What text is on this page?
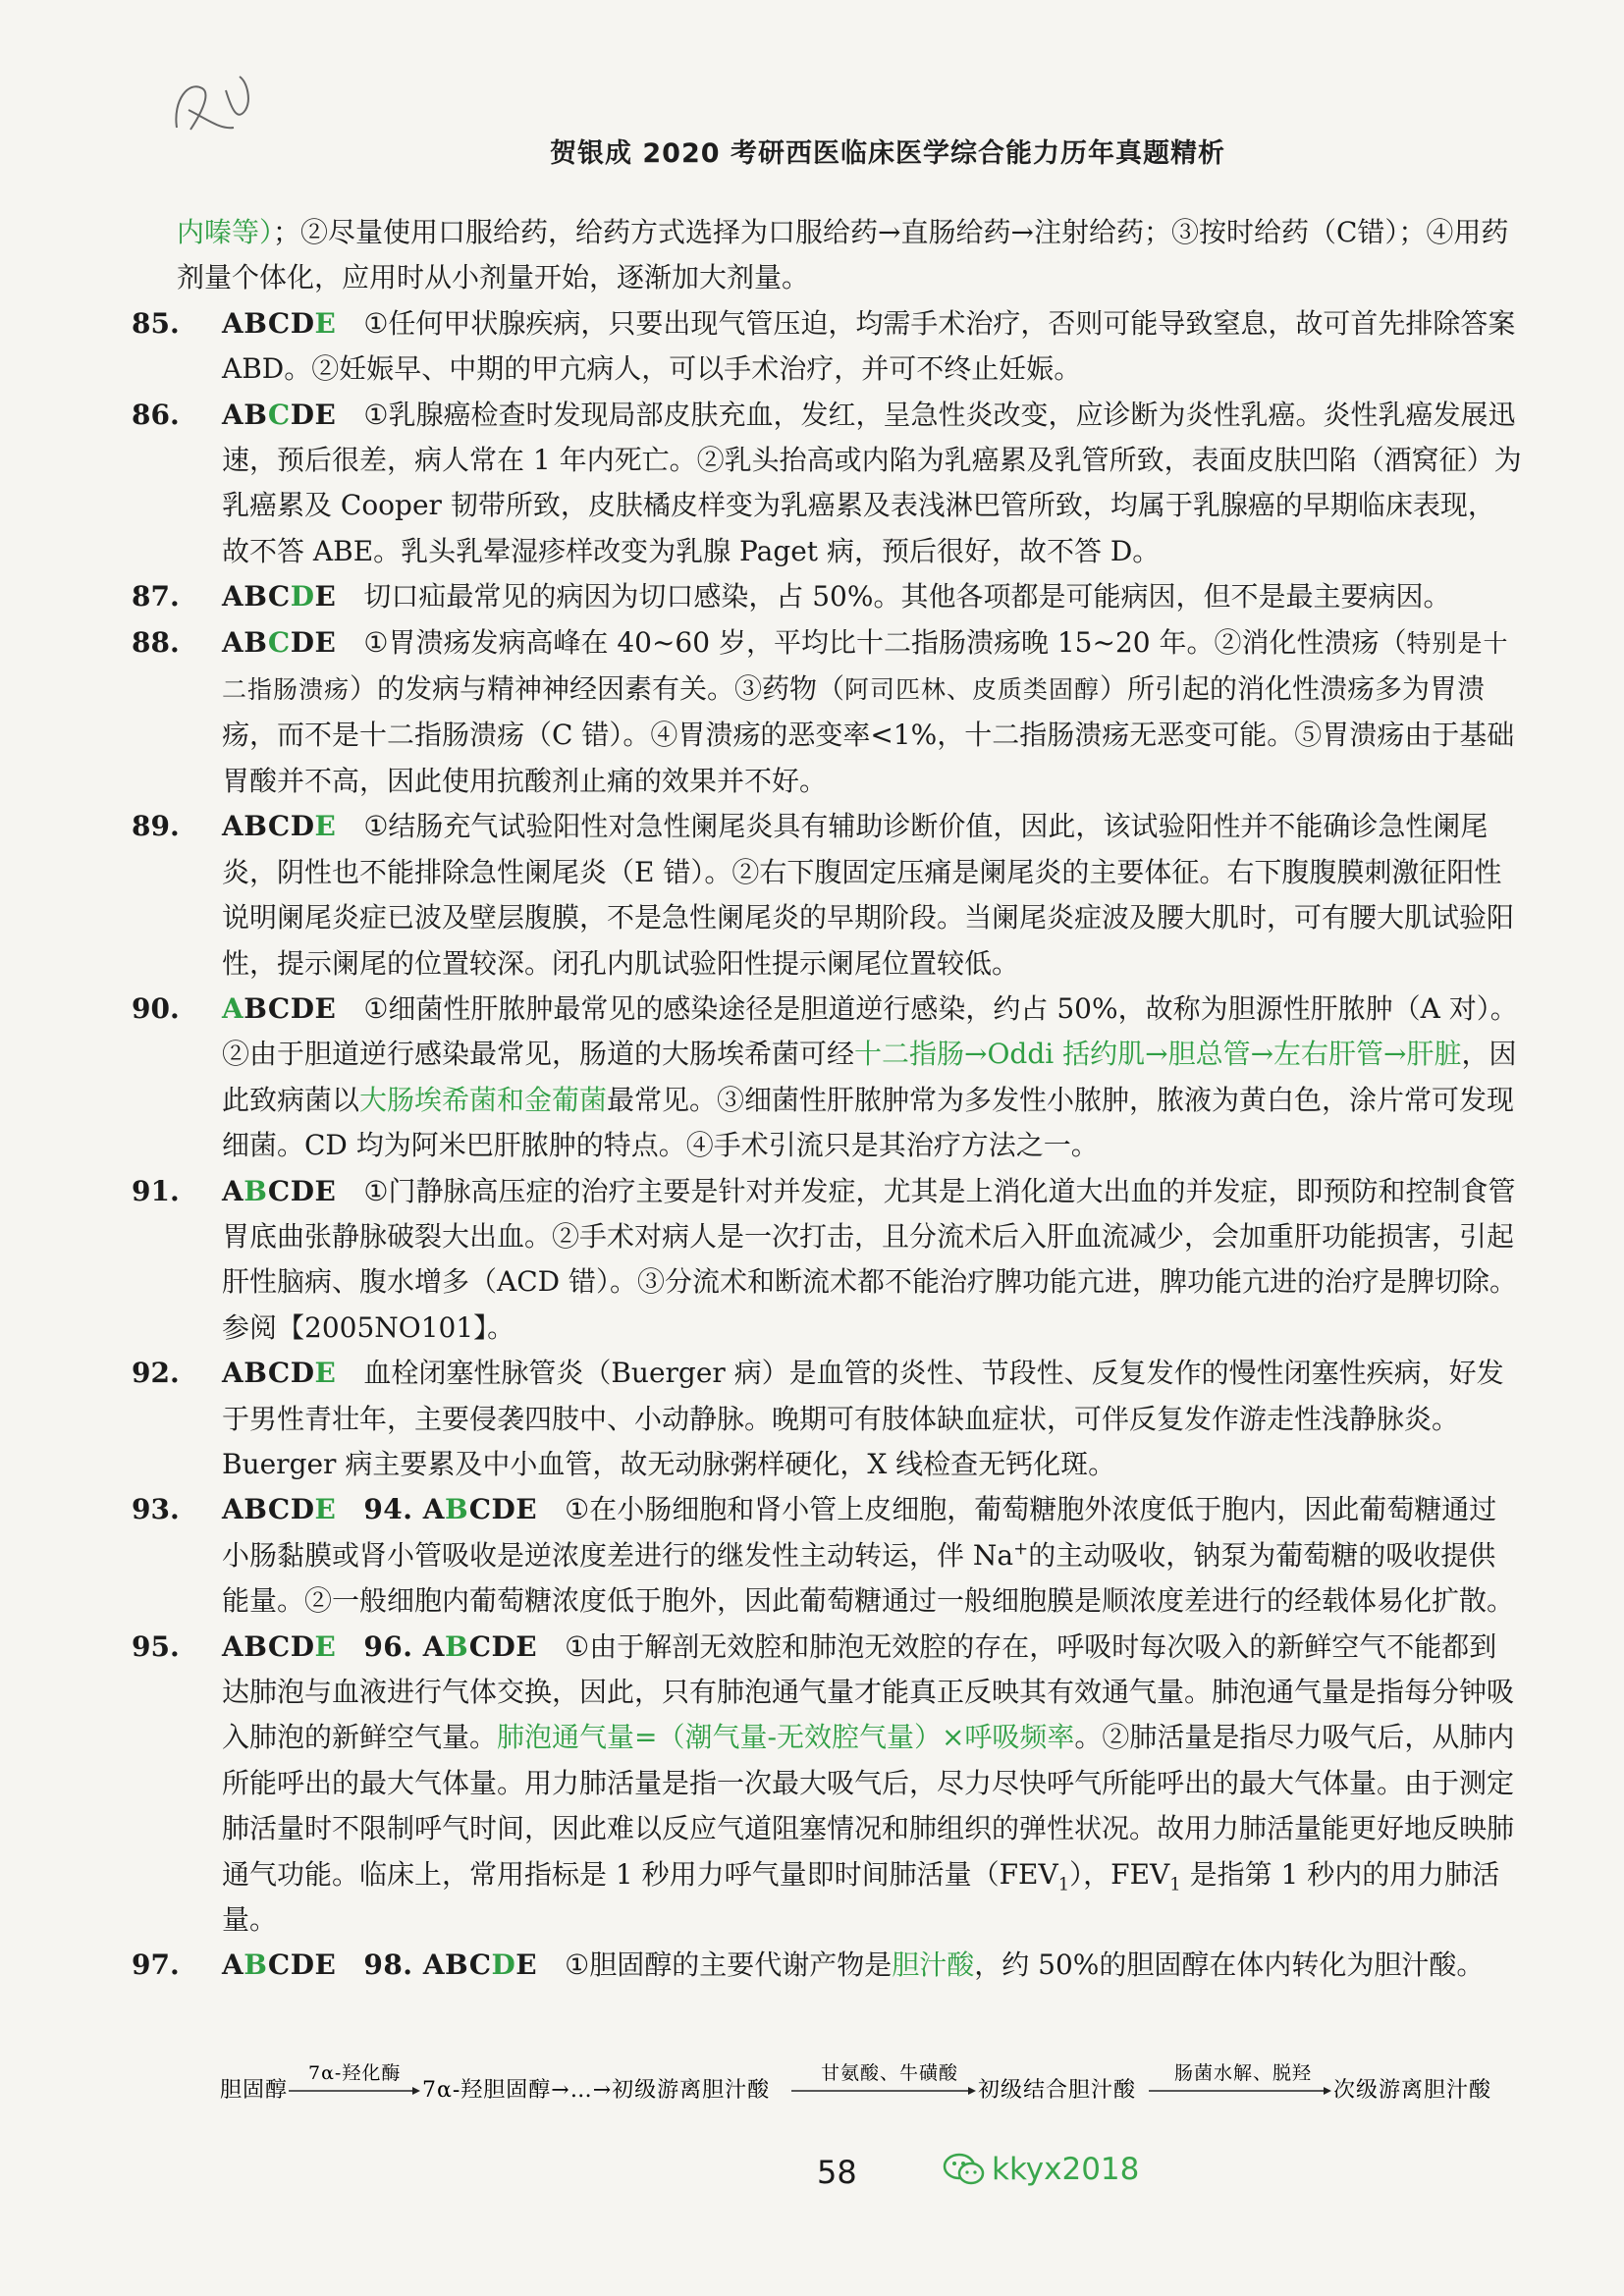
贺银成 2020 考研西医临床医学综合能力历年真题精析

内嗪等）；②尽量使用口服给药，给药方式选择为口服给药→直肠给药→注射给药；③按时给药（C错）；④用药剂量个体化，应用时从小剂量开始，逐渐加大剂量。

85. ABCDE ①任何甲状腺疾病，只要出现气管压迫，均需手术治疗，否则可能导致窒息，故可首先排除答案 ABD。②妊娠早、中期的甲亢病人，可以手术治疗，并可不终止妊娠。

86. ABCDE ①乳腺癌检查时发现局部皮肤充血，发红，呈急性炎改变，应诊断为炎性乳癌。炎性乳癌发展迅速，预后很差，病人常在 1 年内死亡。②乳头抬高或内陷为乳癌累及乳管所致，表面皮肤凹陷（酒窝征）为乳癌累及 Cooper 韧带所致，皮肤橘皮样变为乳癌累及表浅淋巴管所致，均属于乳腺癌的早期临床表现，故不答 ABE。乳头乳晕湿疹样改变为乳腺 Paget 病，预后很好，故不答 D。

87. ABCDE 切口疝最常见的病因为切口感染，占 50%。其他各项都是可能病因，但不是最主要病因。

88. ABCDE ①胃溃疡发病高峰在 40~60 岁，平均比十二指肠溃疡晚 15~20 年。②消化性溃疡（特别是十二指肠溃疡）的发病与精神神经因素有关。③药物（阿司匹林、皮质类固醇）所引起的消化性溃疡多为胃溃疡，而不是十二指肠溃疡（C 错）。④胃溃疡的恶变率<1%，十二指肠溃疡无恶变可能。⑤胃溃疡由于基础胃酸并不高，因此使用抗酸剂止痛的效果并不好。

89. ABCDE ①结肠充气试验阳性对急性阑尾炎具有辅助诊断价值，因此，该试验阳性并不能确诊急性阑尾炎，阴性也不能排除急性阑尾炎（E 错）。②右下腹固定压痛是阑尾炎的主要体征。右下腹腹膜刺激征阳性说明阑尾炎症已波及壁层腹膜，不是急性阑尾炎的早期阶段。当阑尾炎症波及腰大肌时，可有腰大肌试验阳性，提示阑尾的位置较深。闭孔内肌试验阳性提示阑尾位置较低。

90. ABCDE ①细菌性肝脓肿最常见的感染途径是胆道逆行感染，约占 50%，故称为胆源性肝脓肿（A 对）。②由于胆道逆行感染最常见，肠道的大肠埃希菌可经十二指肠→Oddi 括约肌→胆总管→左右肝管→肝脏，因此致病菌以大肠埃希菌和金葡菌最常见。③细菌性肝脓肿常为多发性小脓肿，脓液为黄白色，涂片常可发现细菌。CD 均为阿米巴肝脓肿的特点。④手术引流只是其治疗方法之一。

91. ABCDE ①门静脉高压症的治疗主要是针对并发症，尤其是上消化道大出血的并发症，即预防和控制食管胃底曲张静脉破裂大出血。②手术对病人是一次打击，且分流术后入肝血流减少，会加重肝功能损害，引起肝性脑病、腹水增多（ACD 错）。③分流术和断流术都不能治疗脾功能亢进，脾功能亢进的治疗是脾切除。参阅【2005NO101】。

92. ABCDE 血栓闭塞性脉管炎（Buerger 病）是血管的炎性、节段性、反复发作的慢性闭塞性疾病，好发于男性青壮年，主要侵袭四肢中、小动静脉。晚期可有肢体缺血症状，可伴反复发作游走性浅静脉炎。Buerger 病主要累及中小血管，故无动脉粥样硬化，X 线检查无钙化斑。

93. ABCDE 94. ABCDE ①在小肠细胞和肾小管上皮细胞，葡萄糖胞外浓度低于胞内，因此葡萄糖通过小肠黏膜或肾小管吸收是逆浓度差进行的继发性主动转运，伴 Na+的主动吸收，钠泵为葡萄糖的吸收提供能量。②一般细胞内葡萄糖浓度低于胞外，因此葡萄糖通过一般细胞膜是顺浓度差进行的经载体易化扩散。

95. ABCDE 96. ABCDE ①由于解剖无效腔和肺泡无效腔的存在，呼吸时每次吸入的新鲜空气不能都到达肺泡与血液进行气体交换，因此，只有肺泡通气量才能真正反映其有效通气量。肺泡通气量是指每分钟吸入肺泡的新鲜空气量。肺泡通气量=（潮气量-无效腔气量）×呼吸频率。②肺活量是指尽力吸气后，从肺内所能呼出的最大气体量。用力肺活量是指一次最大吸气后，尽力尽快呼气所能呼出的最大气体量。由于测定肺活量时不限制呼气时间，因此难以反应气道阻塞情况和肺组织的弹性状况。故用力肺活量能更好地反映肺通气功能。临床上，常用指标是 1 秒用力呼气量即时间肺活量$(FEV_1)$，$FEV_1$ 是指第 1 秒内的用力肺活量。

97. ABCDE 98. ABCDE ①胆固醇的主要代谢产物是胆汁酸，约 50%的胆固醇在体内转化为胆汁酸。

胆固醇
7α-羟化酶
7α-羟胆固醇→…→初级游离胆汁酸
甘氨酸、牛磺酸
初级结合胆汁酸
肠菌水解、脱羟
次级游离胆汁酸
58	kkyx2018
